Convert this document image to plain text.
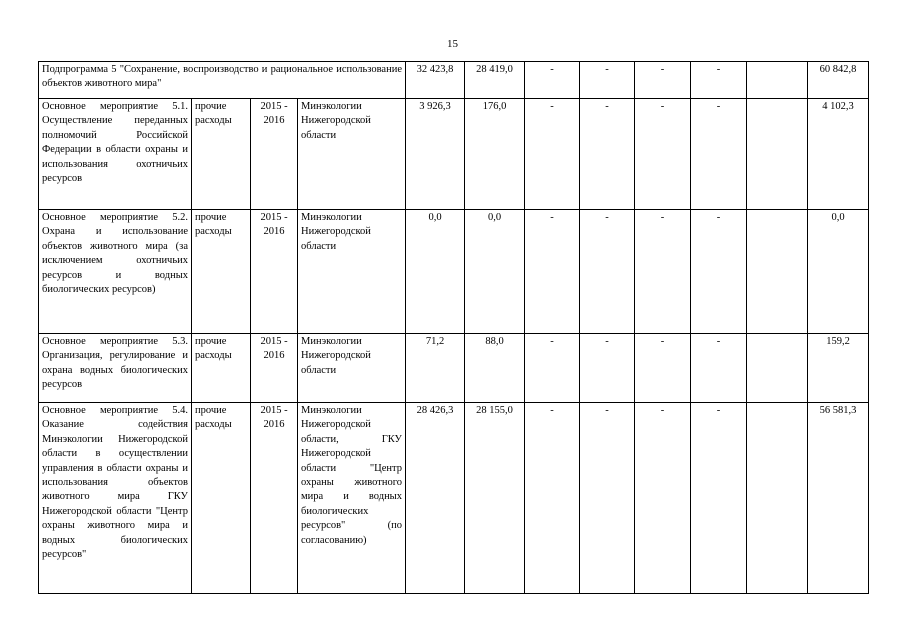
15
Подпрограмма 5 "Сохранение, воспроизводство и рациональное использование объектов животного мира"				32 423,8	28 419,0	-	-	-	-		60 842,8
Основное мероприятие 5.1. Осуществление переданных полномочий Российской Федерации в области охраны и использования охотничьих ресурсов	прочие расходы	2015 - 2016	Минэкологии Нижегородской области	3 926,3	176,0	-	-	-	-		4 102,3
Основное мероприятие 5.2. Охрана и использование объектов животного мира (за исключением охотничьих ресурсов и водных биологических ресурсов)	прочие расходы	2015 - 2016	Минэкологии Нижегородской области	0,0	0,0	-	-	-	-		0,0
Основное мероприятие 5.3. Организация, регулирование и охрана водных биологических ресурсов	прочие расходы	2015 - 2016	Минэкологии Нижегородской области	71,2	88,0	-	-	-	-		159,2
Основное мероприятие 5.4. Оказание содействия Минэкологии Нижегородской области в осуществлении управления в области охраны и использования объектов животного мира ГКУ Нижегородской области "Центр охраны животного мира и водных биологических ресурсов"	прочие расходы	2015 - 2016	Минэкологии Нижегородской области, ГКУ Нижегородской области "Центр охраны животного мира и водных биологических ресурсов" (по согласованию)	28 426,3	28 155,0	-	-	-	-		56 581,3
